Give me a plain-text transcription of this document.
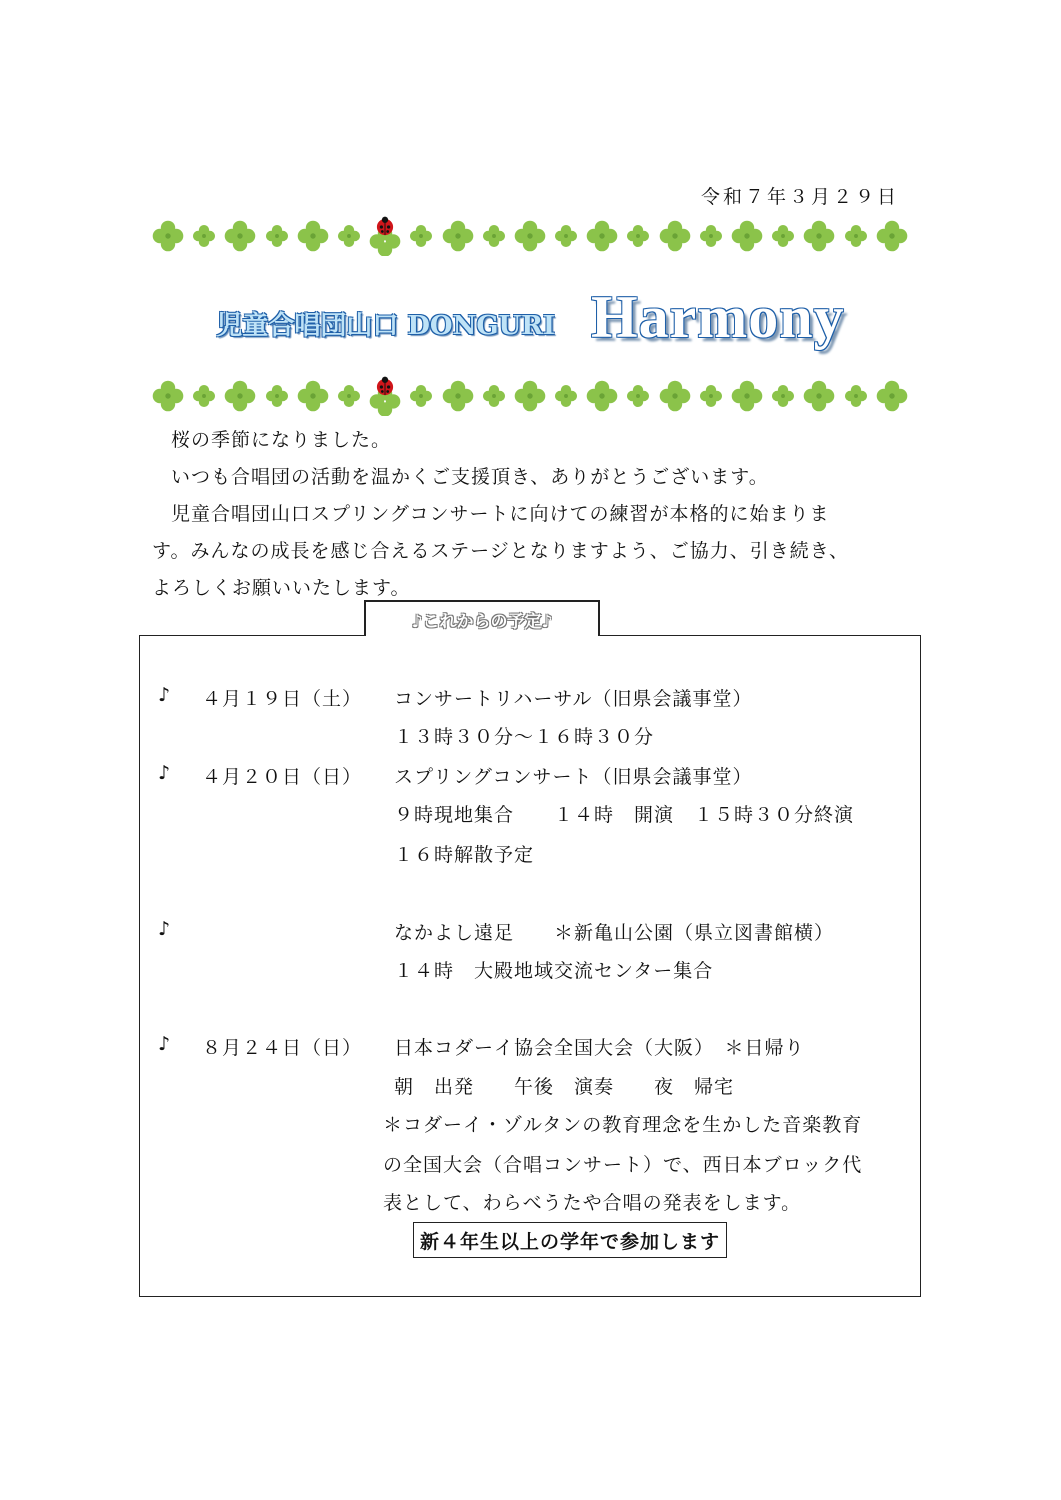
令和７年３月２９日
児童合唱団山口 DONGURI Harmony

桜の季節になりました。

いつも合唱団の活動を温かくご支援頂き、ありがとうございます。

児童合唱団山口スプリングコンサートに向けての練習が本格的に始まりま

す。みんなの成長を感じ合えるステージとなりますよう、ご協力、引き続き、

よろしくお願いいたします。

♪これからの予定♪
♪ ４月１９日（土） コンサートリハーサル（旧県会議事堂）
１３時３０分～１６時３０分
♪ ４月２０日（日） スプリングコンサート（旧県会議事堂）
９時現地集合　　１４時　開演　１５時３０分終演
１６時解散予定
♪	なかよし遠足　　＊新亀山公園（県立図書館横）
１４時　大殿地域交流センター集合
♪ ８月２４日（日） 日本コダーイ協会全国大会（大阪）　＊日帰り
朝　出発　　午後　演奏　　夜　帰宅
＊コダーイ・ゾルタンの教育理念を生かした音楽教育
の全国大会（合唱コンサート）で、西日本ブロック代
表として、わらべうたや合唱の発表をします。
新４年生以上の学年で参加します
